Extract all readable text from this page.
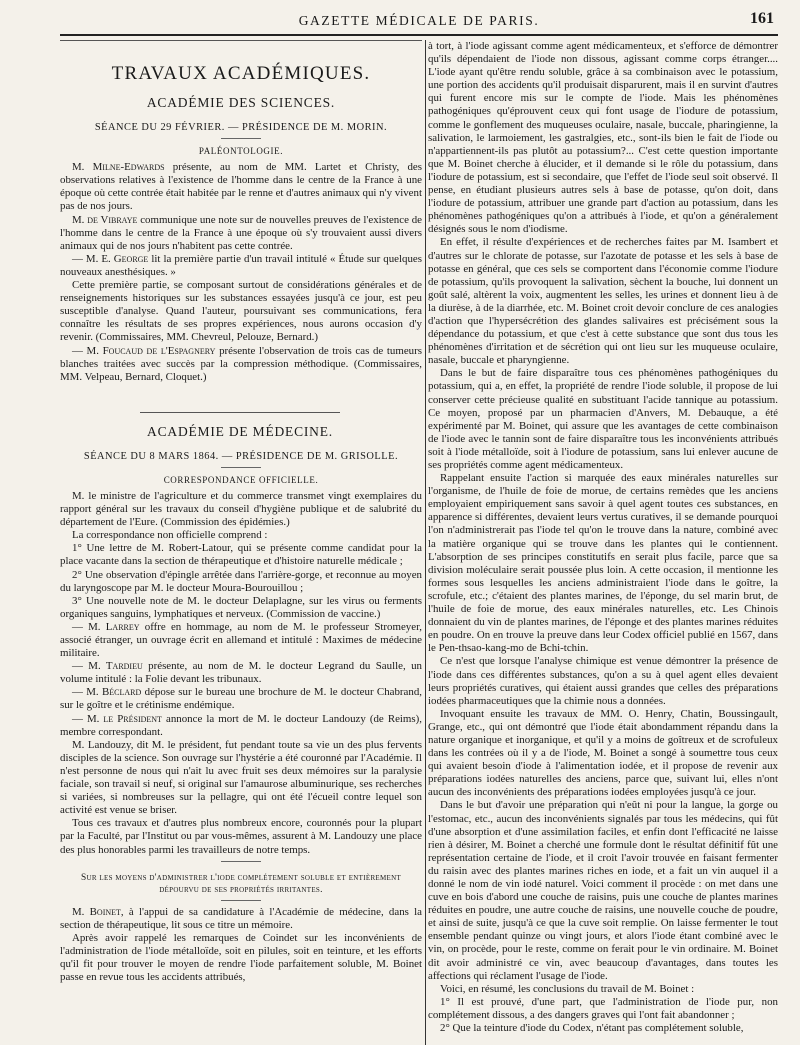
GAZETTE MÉDICALE DE PARIS.	161
TRAVAUX ACADÉMIQUES.
ACADÉMIE DES SCIENCES.
SÉANCE DU 29 FÉVRIER. — PRÉSIDENCE DE M. MORIN.
PALÉONTOLOGIE.

M. Milne-Edwards présente, au nom de MM. Lartet et Christy, des observations relatives à l'existence de l'homme dans le centre de la France à une époque où cette contrée était habitée par le renne et d'autres animaux qui n'y vivent pas de nos jours.

M. de Vibraye communique une note sur de nouvelles preuves de l'existence de l'homme dans le centre de la France à une époque où s'y trouvaient aussi divers animaux qui de nos jours n'habitent pas cette contrée.

— M. E. George lit la première partie d'un travail intitulé « Étude sur quelques nouveaux anesthésiques. »

Cette première partie, se composant surtout de considérations générales et de renseignements historiques sur les substances essayées jusqu'à ce jour, est peu susceptible d'analyse. Quand l'auteur, poursuivant ses communications, fera connaître les résultats de ses propres expériences, nous aurons occasion d'y revenir. (Commissaires, MM. Chevreul, Pelouze, Bernard.)

— M. Foucaud de l'Espagnery présente l'observation de trois cas de tumeurs blanches traitées avec succès par la compression méthodique. (Commissaires, MM. Velpeau, Bernard, Cloquet.)

ACADÉMIE DE MÉDECINE.
SÉANCE DU 8 MARS 1864. — PRÉSIDENCE DE M. GRISOLLE.
CORRESPONDANCE OFFICIELLE.

M. le ministre de l'agriculture et du commerce transmet vingt exemplaires du rapport général sur les travaux du conseil d'hygiène publique et de salubrité du département de l'Eure. (Commission des épidémies.)

La correspondance non officielle comprend :

1° Une lettre de M. Robert-Latour, qui se présente comme candidat pour la place vacante dans la section de thérapeutique et d'histoire naturelle médicale ;

2° Une observation d'épingle arrêtée dans l'arrière-gorge, et reconnue au moyen du laryngoscope par M. le docteur Moura-Bourouillou ;

3° Une nouvelle note de M. le docteur Delaplagne, sur les virus ou ferments organiques sanguins, lymphatiques et nerveux. (Commission de vaccine.)

— M. Larrey offre en hommage, au nom de M. le professeur Stromeyer, associé étranger, un ouvrage écrit en allemand et intitulé : Maximes de médecine militaire.

— M. Tardieu présente, au nom de M. le docteur Legrand du Saulle, un volume intitulé : la Folie devant les tribunaux.

— M. Béclard dépose sur le bureau une brochure de M. le docteur Chabrand, sur le goître et le crétinisme endémique.

— M. le Président annonce la mort de M. le docteur Landouzy (de Reims), membre correspondant.

M. Landouzy, dit M. le président, fut pendant toute sa vie un des plus fervents disciples de la science. Son ouvrage sur l'hystérie a été couronné par l'Académie. Il n'est personne de nous qui n'ait lu avec fruit ses deux mémoires sur la paralysie faciale, son travail si neuf, si original sur l'amaurose albuminurique, ses recherches si variées, si nombreuses sur la pellagre, qui ont été l'écueil contre lequel son activité est venue se briser.

Tous ces travaux et d'autres plus nombreux encore, couronnés pour la plupart par la Faculté, par l'Institut ou par vous-mêmes, assurent à M. Landouzy une place des plus honorables parmi les travailleurs de notre temps.

Sur les moyens d'administrer l'iode complétement soluble et entièrement dépourvu de ses propriétés irritantes.

M. Boinet, à l'appui de sa candidature à l'Académie de médecine, dans la section de thérapeutique, lit sous ce titre un mémoire.

Après avoir rappelé les remarques de Coindet sur les inconvénients de l'administration de l'iode métalloïde, soit en pilules, soit en teinture, et les efforts qu'il fit pour trouver le moyen de rendre l'iode parfaitement soluble, M. Boinet passe en revue tous les accidents attribués,

à tort, à l'iode agissant comme agent médicamenteux, et s'efforce de démontrer qu'ils dépendaient de l'iode non dissous, agissant comme corps étranger.... L'iode ayant qu'être rendu soluble, grâce à sa combinaison avec le potassium, une portion des accidents qu'il produisait disparurent, mais il en survint d'autres qui furent encore mis sur le compte de l'iode. Mais les phénomènes pathogéniques qu'éprouvent ceux qui font usage de l'iodure de potassium, comme le gonflement des muqueuses oculaire, nasale, buccale, pharingienne, la salivation, le larmoiement, les gastralgies, etc., sont-ils bien le fait de l'iode ou n'appartiennent-ils pas plutôt au potassium?... C'est cette question importante que M. Boinet cherche à élucider, et il demande si le rôle du potassium, dans l'iodure de potassium, est si secondaire, que l'effet de l'iode seul soit observé. Il pense, en étudiant plusieurs autres sels à base de potasse, qu'on doit, dans l'iodure de potassium, attribuer une grande part d'action au potassium, dans les phénomènes pathogéniques qu'on a attribués à l'iode, et qu'on a généralement désignés sous le nom d'iodisme.

En effet, il résulte d'expériences et de recherches faites par M. Isambert et d'autres sur le chlorate de potasse, sur l'azotate de potasse et les sels à base de potasse en général, que ces sels se comportent dans l'économie comme l'iodure de potassium, qu'ils provoquent la salivation, sèchent la bouche, lui donnent un goût salé, altèrent la voix, augmentent les selles, les urines et donnent lieu à de la diurèse, à de la diarrhée, etc. M. Boinet croit devoir conclure de ces analogies d'action que l'hypersécrétion des glandes salivaires est précisément sous la dépendance du potassium, et que c'est à cette substance que sont dus tous les phénomènes d'irritation et de sécrétion qui ont lieu sur les muqueuse oculaire, nasale, buccale et pharyngienne.

Dans le but de faire disparaître tous ces phénomènes pathogéniques du potassium, qui a, en effet, la propriété de rendre l'iode soluble, il propose de lui conserver cette précieuse qualité en substituant l'acide tannique au potassium. Ce moyen, proposé par un pharmacien d'Anvers, M. Debauque, a été expérimenté par M. Boinet, qui assure que les avantages de cette combinaison de l'iode avec le tannin sont de faire disparaître tous les inconvénients attribués soit à l'iode métalloïde, soit à l'iodure de potassium, sans lui enlever aucune de ses propriétés comme agent médicamenteux.

Rappelant ensuite l'action si marquée des eaux minérales naturelles sur l'organisme, de l'huile de foie de morue, de certains remèdes que les anciens employaient empiriquement sans savoir à quel agent toutes ces substances, en apparence si différentes, devaient leurs vertus curatives, il se demande pourquoi l'on n'administrerait pas l'iode tel qu'on le trouve dans la nature, combiné avec la matière organique qui se trouve dans les plantes qui le contiennent. L'absorption de ses principes constitutifs en serait plus facile, parce que sa division moléculaire serait poussée plus loin. A cette occasion, il mentionne les formes sous lesquelles les anciens administraient l'iode dans le goître, la scrofule, etc.; c'étaient des plantes marines, de l'éponge, du sel marin brut, de l'huile de foie de morue, des eaux minérales naturelles, etc. Les Chinois donnaient du vin de plantes marines, de l'éponge et des plantes marines réduites en poudre. On en trouve la preuve dans leur Codex officiel publié en 1567, dans le Pen-thsao-kang-mo de Bchi-tchin.

Ce n'est que lorsque l'analyse chimique est venue démontrer la présence de l'iode dans ces différentes substances, qu'on a su à quel agent elles devaient leurs propriétés curatives, qui étaient aussi grandes que celles des préparations iodées pharmaceutiques que la chimie nous a données.

Invoquant ensuite les travaux de MM. O. Henry, Chatin, Boussingault, Grange, etc., qui ont démontré que l'iode était abondamment répandu dans la nature organique et inorganique, et qu'il y a moins de goîtreux et de scrofuleux dans les contrées où il y a de l'iode, M. Boinet a songé à soumettre tous ceux qui avaient besoin d'iode à l'alimentation iodée, et il propose de revenir aux préparations iodées naturelles des anciens, parce que, suivant lui, elles n'ont aucun des inconvénients des préparations iodées employées jusqu'à ce jour.

Dans le but d'avoir une préparation qui n'eût ni pour la langue, la gorge ou l'estomac, etc., aucun des inconvénients signalés par tous les médecins, qui fût d'une absorption et d'une assimilation faciles, et enfin dont l'efficacité ne laisse rien à désirer, M. Boinet a cherché une formule dont le résultat définitif fût une représentation certaine de l'iode, et il croit l'avoir trouvée en faisant fermenter du raisin avec des plantes marines riches en iode, et a fait un vin auquel il a donné le nom de vin iodé naturel. Voici comment il procède : on met dans une cuve en bois d'abord une couche de raisins, puis une couche de plantes marines réduites en poudre, une autre couche de raisins, une nouvelle couche de poudre, et ainsi de suite, jusqu'à ce que la cuve soit remplie. On laisse fermenter le tout ensemble pendant quinze ou vingt jours, et alors l'iode étant combiné avec le vin, on procède, pour le reste, comme on ferait pour le vin ordinaire. M. Boinet dit avoir administré ce vin, avec beaucoup d'avantages, dans toutes les affections qui réclament l'usage de l'iode.

Voici, en résumé, les conclusions du travail de M. Boinet :

1° Il est prouvé, d'une part, que l'administration de l'iode pur, non complétement dissous, a des dangers graves qui l'ont fait abandonner ;

2° Que la teinture d'iode du Codex, n'étant pas complétement soluble,
